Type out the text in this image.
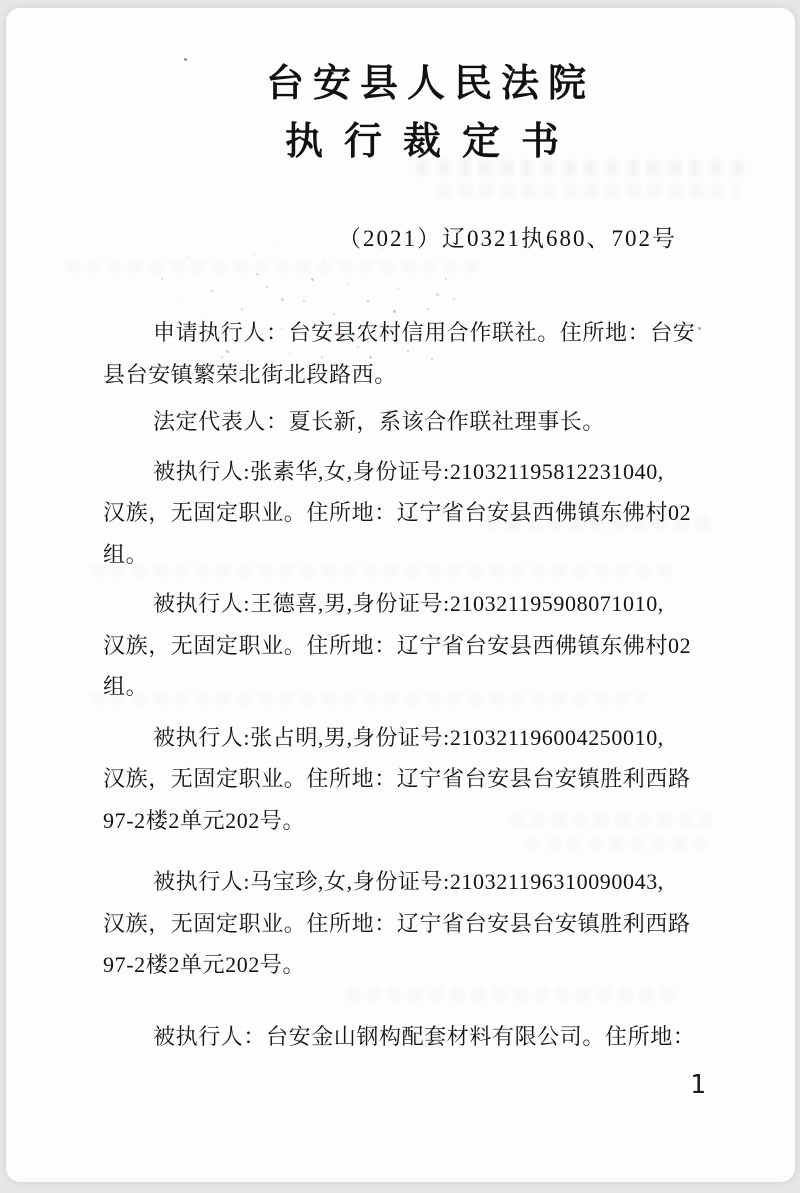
台安县人民法院
执行裁定书
（2021）辽0321执680、702号
申请执行人：台安县农村信用合作联社。住所地：台安
县台安镇繁荣北街北段路西。
法定代表人：夏长新，系该合作联社理事长。
被执行人:张素华,女,身份证号:210321195812231040,
汉族，无固定职业。住所地：辽宁省台安县西佛镇东佛村02
组。
被执行人:王德喜,男,身份证号:210321195908071010,
汉族，无固定职业。住所地：辽宁省台安县西佛镇东佛村02
组。
被执行人:张占明,男,身份证号:210321196004250010,
汉族，无固定职业。住所地：辽宁省台安县台安镇胜利西路
97-2楼2单元202号。
被执行人:马宝珍,女,身份证号:210321196310090043,
汉族，无固定职业。住所地：辽宁省台安县台安镇胜利西路
97-2楼2单元202号。
被执行人：台安金山钢构配套材料有限公司。住所地：
1
